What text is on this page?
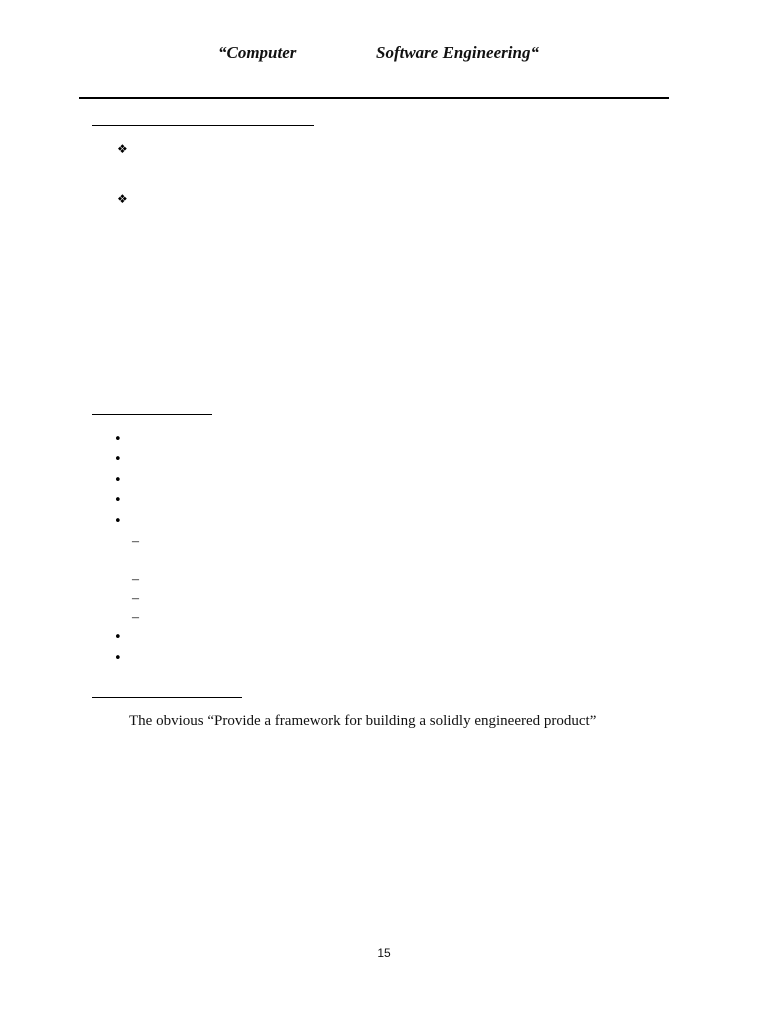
“Computer	Software Engineering“
❖
❖
•
•
•
•
•
–
–
–
–
•
•
The obvious “Provide a framework for building a solidly engineered product”
15
